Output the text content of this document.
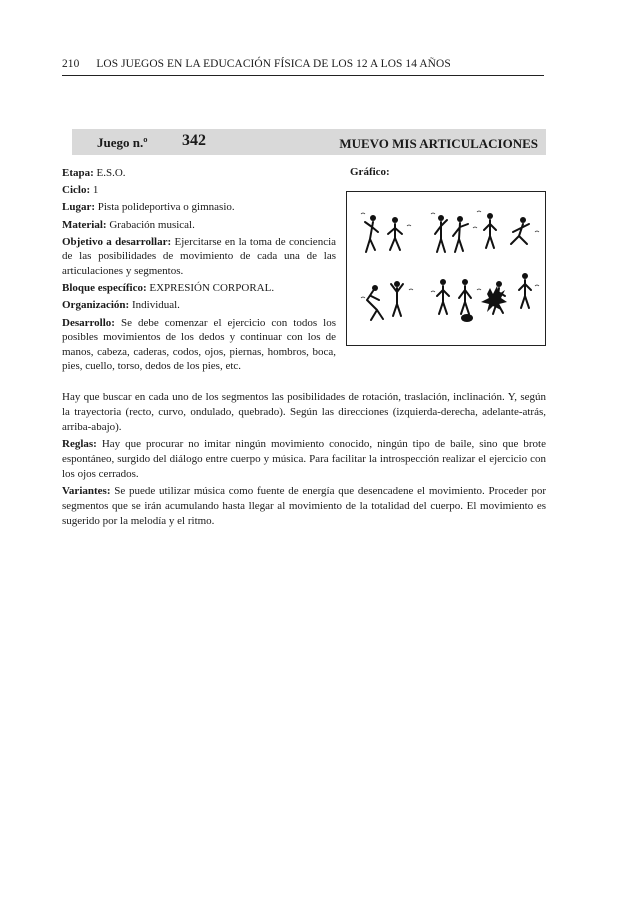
210 LOS JUEGOS EN LA EDUCACIÓN FÍSICA DE LOS 12 A LOS 14 AÑOS
Juego n.º 342	MUEVO MIS ARTICULACIONES

Etapa: E.S.O.

Ciclo: 1

Lugar: Pista polideportiva o gimnasio.

Material: Grabación musical.

Objetivo a desarrollar: Ejercitarse en la toma de conciencia de las posibilidades de movimiento de cada una de las articulaciones y segmentos.

Bloque específico: EXPRESIÓN CORPORAL.

Organización: Individual.

Desarrollo: Se debe comenzar el ejercicio con todos los posibles movimientos de los dedos y continuar con los de manos, cabeza, caderas, codos, ojos, piernas, hombros, boca, pies, cuello, torso, dedos de los pies, etc.

Gráfico:

Hay que buscar en cada uno de los segmentos las posibilidades de rotación, traslación, inclinación. Y, según la trayectoria (recto, curvo, ondulado, quebrado). Según las direcciones (izquierda-derecha, adelante-atrás, arriba-abajo).

Reglas: Hay que procurar no imitar ningún movimiento conocido, ningún tipo de baile, sino que brote espontáneo, surgido del diálogo entre cuerpo y música. Para facilitar la introspección realizar el ejercicio con los ojos cerrados.

Variantes: Se puede utilizar música como fuente de energía que desencadene el movimiento. Proceder por segmentos que se irán acumulando hasta llegar al movimiento de la totalidad del cuerpo. El movimiento es sugerido por la melodía y el ritmo.
